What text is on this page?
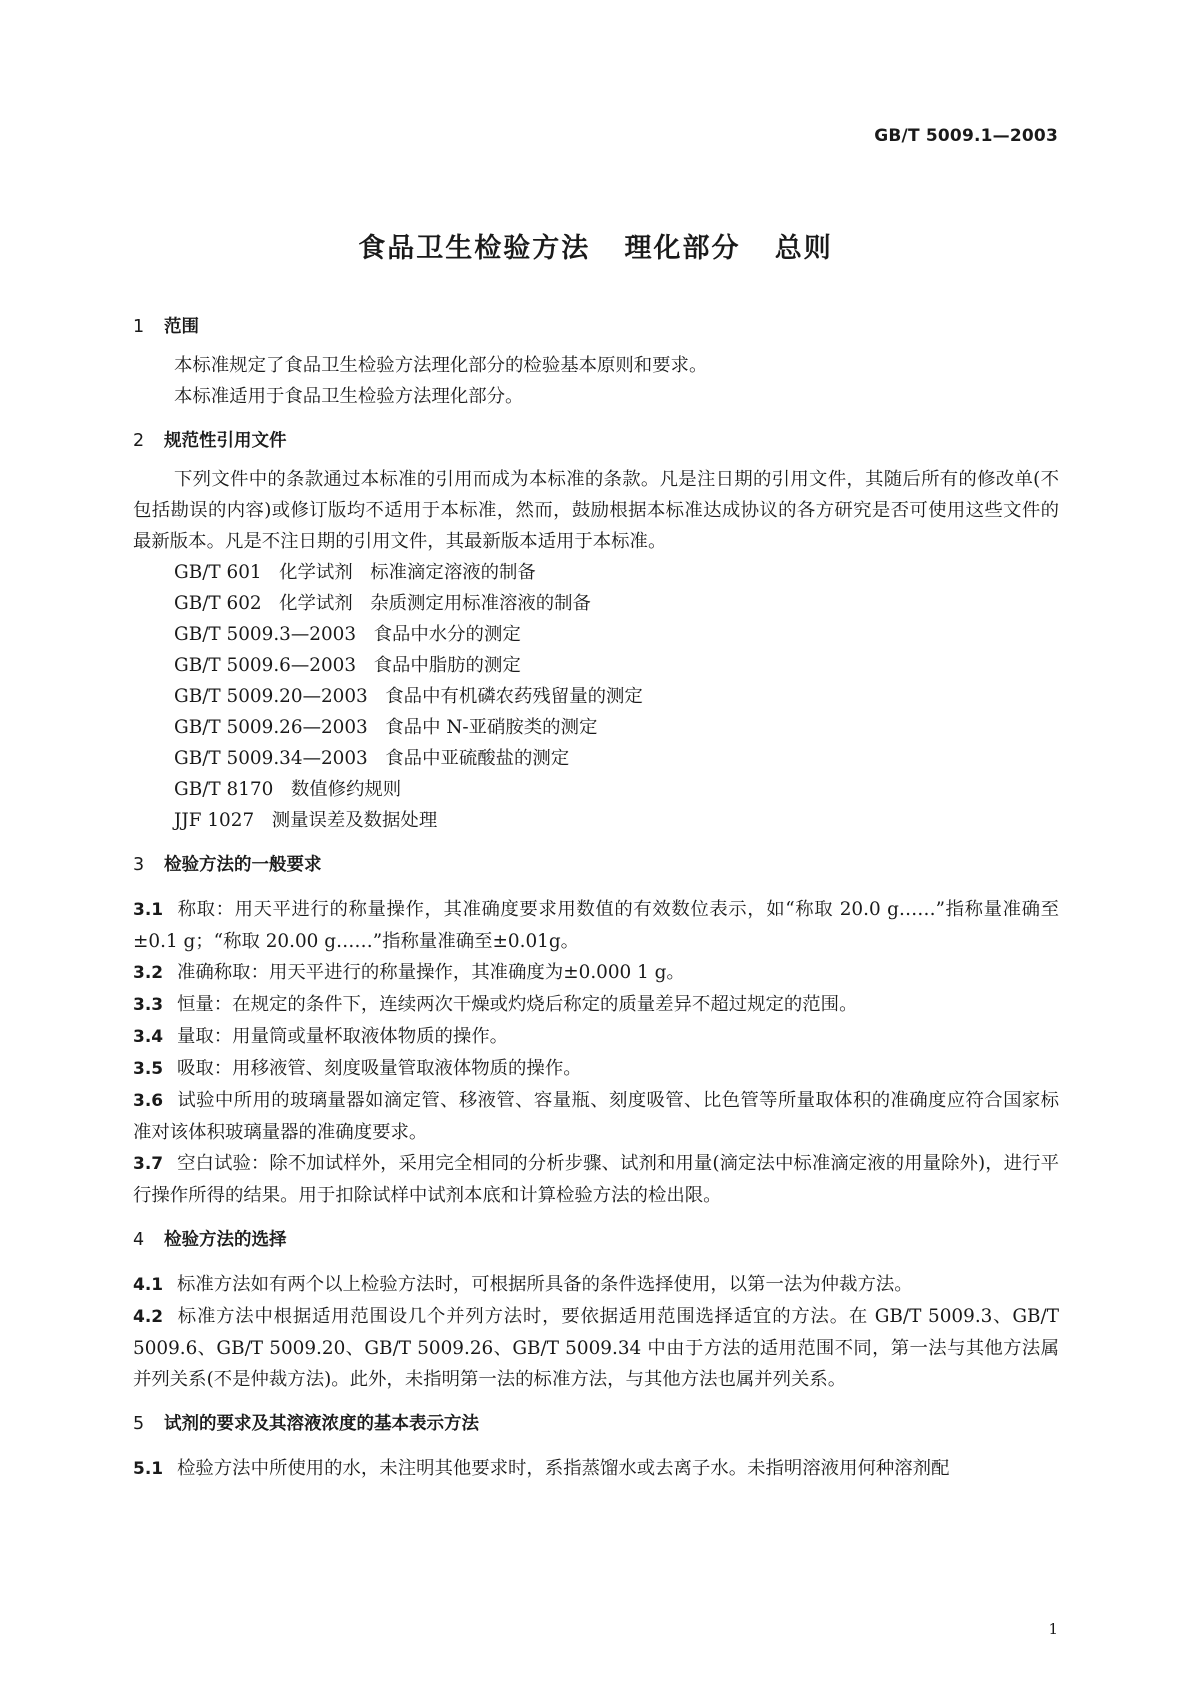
GB/T 5009.1—2003
食品卫生检验方法   理化部分   总则
1	范围

本标准规定了食品卫生检验方法理化部分的检验基本原则和要求。

本标准适用于食品卫生检验方法理化部分。

2	规范性引用文件

下列文件中的条款通过本标准的引用而成为本标准的条款。凡是注日期的引用文件，其随后所有的修改单(不包括勘误的内容)或修订版均不适用于本标准，然而，鼓励根据本标准达成协议的各方研究是否可使用这些文件的最新版本。凡是不注日期的引用文件，其最新版本适用于本标准。

GB/T 601   化学试剂   标准滴定溶液的制备

GB/T 602   化学试剂   杂质测定用标准溶液的制备

GB/T 5009.3—2003   食品中水分的测定

GB/T 5009.6—2003   食品中脂肪的测定

GB/T 5009.20—2003   食品中有机磷农药残留量的测定

GB/T 5009.26—2003   食品中 N-亚硝胺类的测定

GB/T 5009.34—2003   食品中亚硫酸盐的测定

GB/T 8170   数值修约规则

JJF 1027   测量误差及数据处理

3	检验方法的一般要求

3.1 称取：用天平进行的称量操作，其准确度要求用数值的有效数位表示，如“称取 20.0 g……”指称量准确至±0.1 g；“称取 20.00 g……”指称量准确至±0.01g。

3.2 准确称取：用天平进行的称量操作，其准确度为±0.000 1 g。

3.3 恒量：在规定的条件下，连续两次干燥或灼烧后称定的质量差异不超过规定的范围。

3.4 量取：用量筒或量杯取液体物质的操作。

3.5 吸取：用移液管、刻度吸量管取液体物质的操作。

3.6 试验中所用的玻璃量器如滴定管、移液管、容量瓶、刻度吸管、比色管等所量取体积的准确度应符合国家标准对该体积玻璃量器的准确度要求。

3.7 空白试验：除不加试样外，采用完全相同的分析步骤、试剂和用量(滴定法中标准滴定液的用量除外)，进行平行操作所得的结果。用于扣除试样中试剂本底和计算检验方法的检出限。

4	检验方法的选择

4.1 标准方法如有两个以上检验方法时，可根据所具备的条件选择使用，以第一法为仲裁方法。

4.2 标准方法中根据适用范围设几个并列方法时，要依据适用范围选择适宜的方法。在 GB/T 5009.3、GB/T 5009.6、GB/T 5009.20、GB/T 5009.26、GB/T 5009.34 中由于方法的适用范围不同，第一法与其他方法属并列关系(不是仲裁方法)。此外，未指明第一法的标准方法，与其他方法也属并列关系。

5	试剂的要求及其溶液浓度的基本表示方法

5.1 检验方法中所使用的水，未注明其他要求时，系指蒸馏水或去离子水。未指明溶液用何种溶剂配

1
